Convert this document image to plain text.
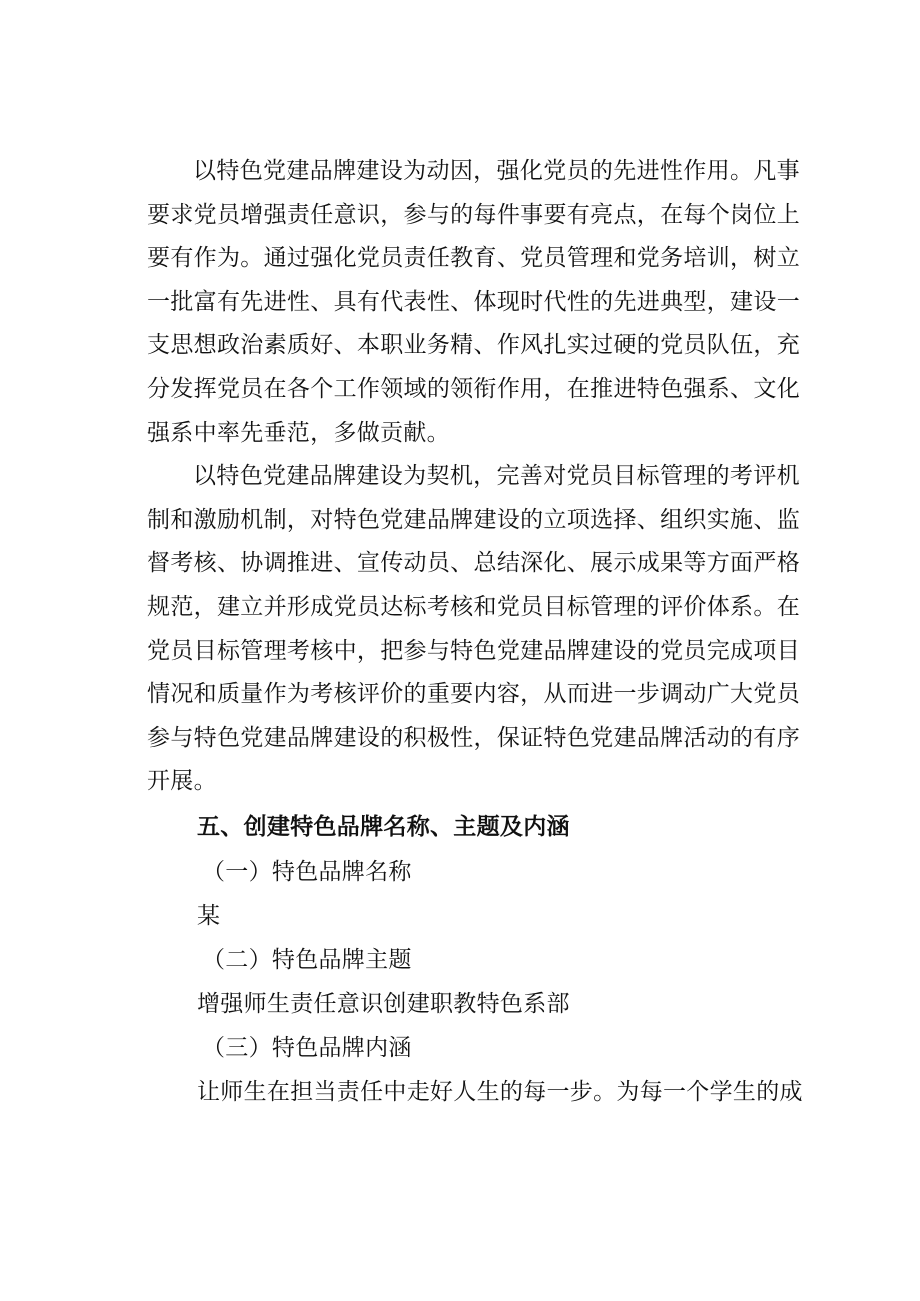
以特色党建品牌建设为动因，强化党员的先进性作用。凡事要求党员增强责任意识，参与的每件事要有亮点，在每个岗位上要有作为。通过强化党员责任教育、党员管理和党务培训，树立一批富有先进性、具有代表性、体现时代性的先进典型，建设一支思想政治素质好、本职业务精、作风扎实过硬的党员队伍，充分发挥党员在各个工作领域的领衔作用，在推进特色强系、文化强系中率先垂范，多做贡献。

以特色党建品牌建设为契机，完善对党员目标管理的考评机制和激励机制，对特色党建品牌建设的立项选择、组织实施、监督考核、协调推进、宣传动员、总结深化、展示成果等方面严格规范，建立并形成党员达标考核和党员目标管理的评价体系。在党员目标管理考核中，把参与特色党建品牌建设的党员完成项目情况和质量作为考核评价的重要内容，从而进一步调动广大党员参与特色党建品牌建设的积极性，保证特色党建品牌活动的有序开展。

五、创建特色品牌名称、主题及内涵

（一）特色品牌名称

某

（二）特色品牌主题

增强师生责任意识创建职教特色系部

（三）特色品牌内涵

让师生在担当责任中走好人生的每一步。为每一个学生的成
